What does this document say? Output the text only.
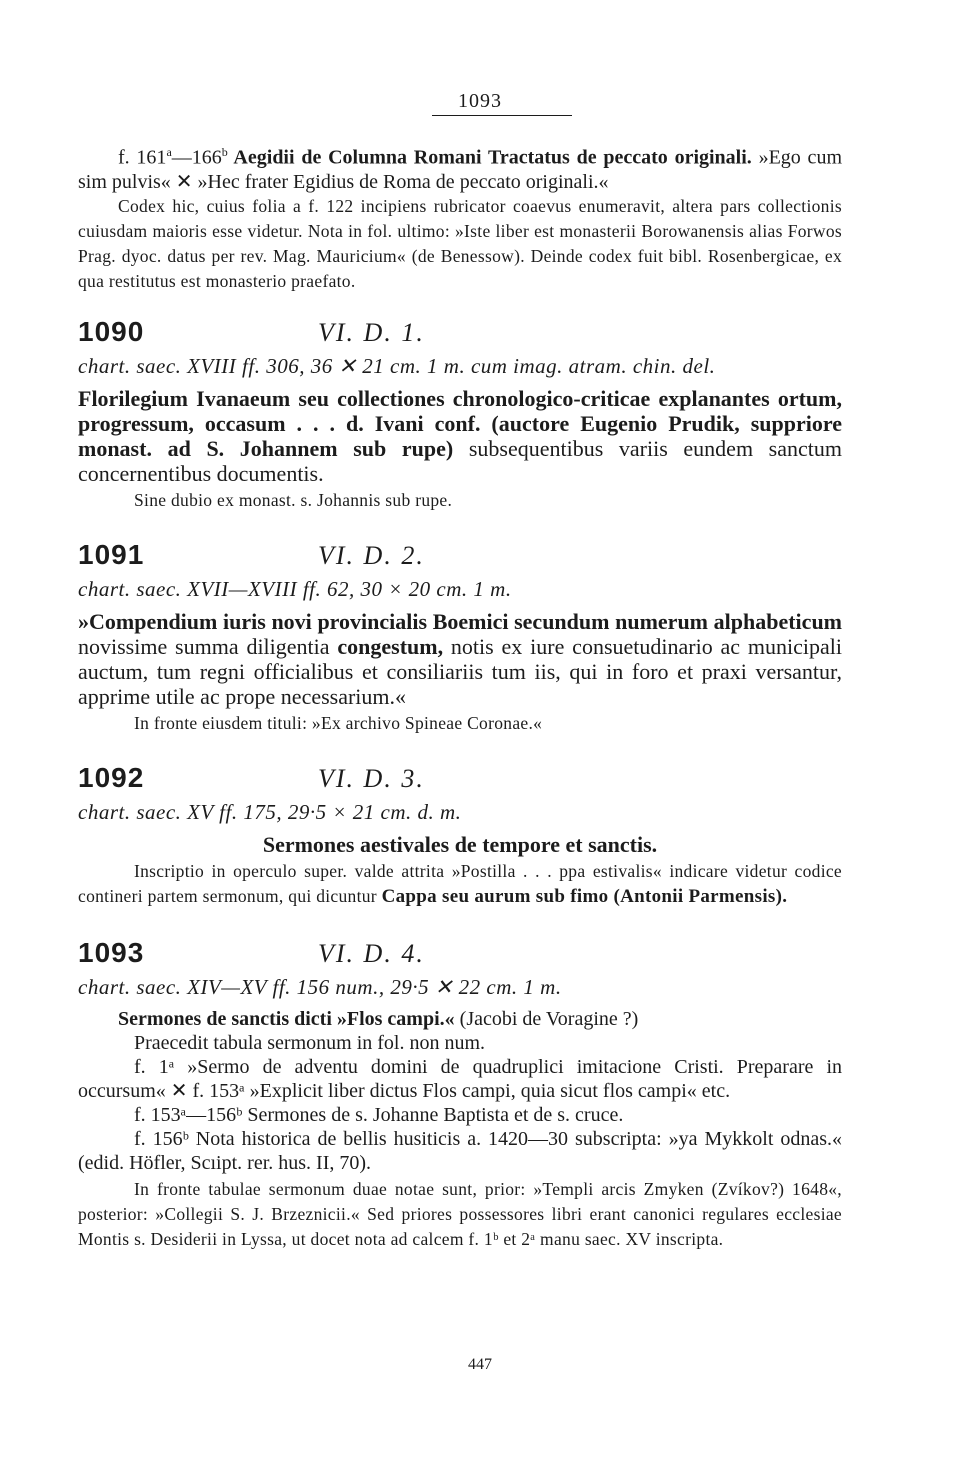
1093

f. 161$^a$—166$^b$ Aegidii de Columna Romani Tractatus de peccato originali. »Ego cum sim pulvis« ✕ »Hec frater Egidius de Roma de peccato originali.«

Codex hic, cuius folia a f. 122 incipiens rubricator coaevus enumeravit, altera pars collectionis cuiusdam maioris esse videtur. Nota in fol. ultimo: »Iste liber est monasterii Borowanensis alias Forwos Prag. dyoc. datus per rev. Mag. Mauricium« (de Benessow). Deinde codex fuit bibl. Rosenbergicae, ex qua restitutus est monasterio praefato.

1090	VI. D. 1.
chart. saec. XVIII ff. 306, 36 ✕ 21 cm. 1 m. cum imag. atram. chin. del.

Florilegium Ivanaeum seu collectiones chronologico-criticae explanantes ortum, progressum, occasum . . . d. Ivani conf. (auctore Eugenio Prudik, suppriore monast. ad S. Johannem sub rupe) subsequentibus variis eundem sanctum concernentibus documentis.

Sine dubio ex monast. s. Johannis sub rupe.

1091	VI. D. 2.
chart. saec. XVII—XVIII ff. 62, 30 × 20 cm. 1 m.

»Compendium iuris novi provincialis Boemici secundum numerum alphabeticum novissime summa diligentia congestum, notis ex iure consuetudinario ac municipali auctum, tum regni officialibus et consiliariis tum iis, qui in foro et praxi versantur, apprime utile ac prope necessarium.«

In fronte eiusdem tituli: »Ex archivo Spineae Coronae.«

1092	VI. D. 3.
chart. saec. XV ff. 175, 29·5 × 21 cm. d. m.

Sermones aestivales de tempore et sanctis.

Inscriptio in operculo super. valde attrita »Postilla . . . ppa estivalis« indicare videtur codice contineri partem sermonum, qui dicuntur Cappa seu aurum sub fimo (Antonii Parmensis).

1093	VI. D. 4.
chart. saec. XIV—XV ff. 156 num., 29·5 ✕ 22 cm. 1 m.

Sermones de sanctis dicti »Flos campi.« (Jacobi de Voragine ?)

Praecedit tabula sermonum in fol. non num.

f. 1ᵃ »Sermo de adventu domini de quadruplici imitacione Cristi. Preparare in occursum« ✕ f. 153ᵃ »Explicit liber dictus Flos campi, quia sicut flos campi« etc.

f. 153ᵃ—156ᵇ Sermones de s. Johanne Baptista et de s. cruce.

f. 156ᵇ Nota historica de bellis husiticis a. 1420—30 subscripta: »ya Mykkolt odnas.« (edid. Höfler, Scıipt. rer. hus. II, 70).

In fronte tabulae sermonum duae notae sunt, prior: »Templi arcis Zmyken (Zvíkov?) 1648«, posterior: »Collegii S. J. Brzeznicii.« Sed priores possessores libri erant canonici regulares ecclesiae Montis s. Desiderii in Lyssa, ut docet nota ad calcem f. 1ᵇ et 2ᵃ manu saec. XV inscripta.

447
